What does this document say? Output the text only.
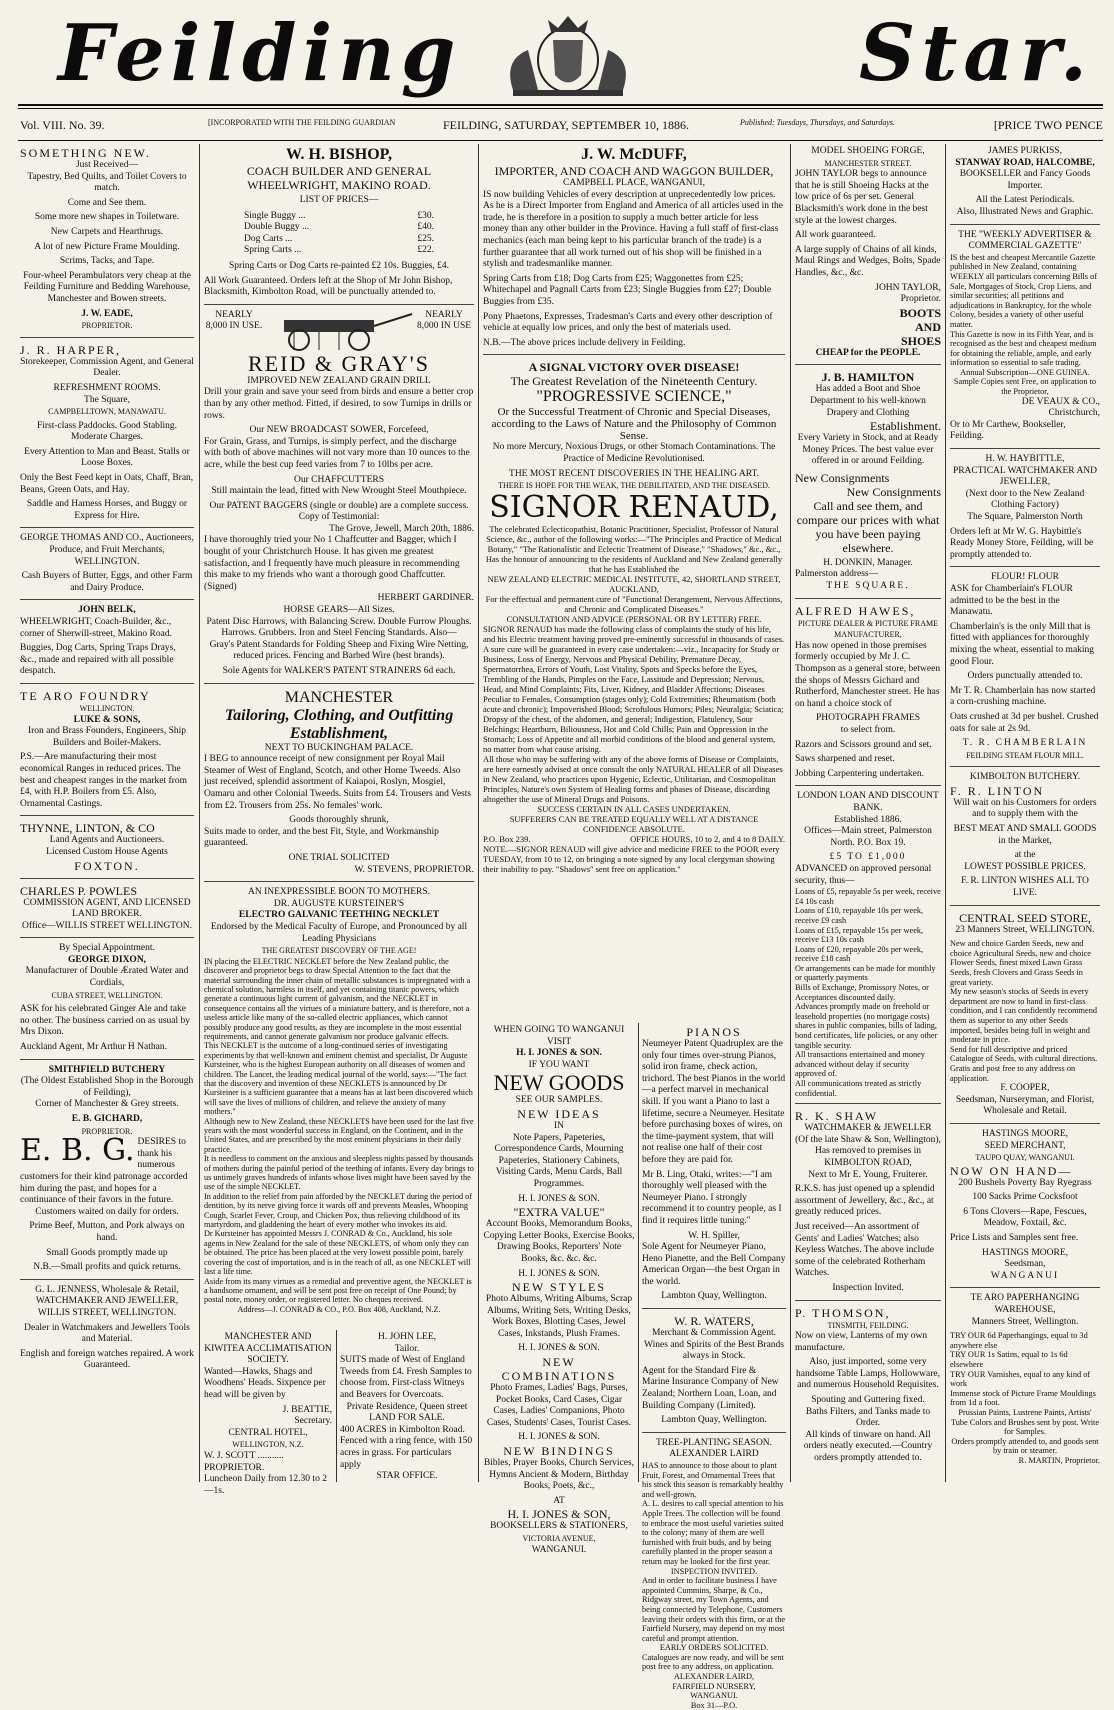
Feilding	Star.
Vol. VIII. No. 39.	[INCORPORATED WITH THE FEILDING GUARDIAN	FEILDING, SATURDAY, SEPTEMBER 10, 1886.	Published: Tuesdays, Thursdays, and Saturdays.	[PRICE TWO PENCE
SOMETHING NEW.
Just Received—
Tapestry, Bed Quilts, and Toilet Covers to match.
Come and See them.
Some more new shapes in Toiletware.
New Carpets and Hearthrugs.
A lot of new Picture Frame Moulding.
Scrims, Tacks, and Tape.
Four-wheel Perambulators very cheap at the Feilding Furniture and Bedding Warehouse, Manchester and Bowen streets.
J. W. EADE,
PROPRIETOR.
J. R. HARPER,
Storekeeper, Commission Agent, and General Dealer.
REFRESHMENT ROOMS.
The Square,
CAMPBELLTOWN, MANAWATU.
First-class Paddocks. Good Stabling. Moderate Charges.
Every Attention to Man and Beast. Stalls or Loose Boxes.
Only the Best Feed kept in Oats, Chaff, Bran, Beans, Green Oats, and Hay.
Saddle and Harness Horses, and Buggy or Express for Hire.
GEORGE THOMAS AND CO., Auctioneers, Produce, and Fruit Merchants, WELLINGTON.
Cash Buyers of Butter, Eggs, and other Farm and Dairy Produce.
JOHN BELK,
WHEELWRIGHT, Coach-Builder, &c., corner of Sherwill-street, Makino Road.
Buggies, Dog Carts, Spring Traps Drays, &c., made and repaired with all possible despatch.
TE ARO FOUNDRY
WELLINGTON.
LUKE & SONS,
Iron and Brass Founders, Engineers, Ship Builders and Boiler-Makers.
P.S.—Are manufacturing their most economical Ranges in reduced prices. The best and cheapest ranges in the market from £4, with H.P. Boilers from £5. Also, Ornamental Castings.
THYNNE, LINTON, & CO
Land Agents and Auctioneers.
Licensed Custom House Agents
FOXTON.
CHARLES P. POWLES
COMMISSION AGENT, AND LICENSED LAND BROKER.
Office—WILLIS STREET WELLINGTON.
By Special Appointment.
GEORGE DIXON,
Manufacturer of Double Ærated Water and Cordials,
CUBA STREET, WELLINGTON.
ASK for his celebrated Ginger Ale and take no other. The business carried on as usual by Mrs Dixon.
Auckland Agent, Mr Arthur H Nathan.
SMITHFIELD BUTCHERY
(The Oldest Established Shop in the Borough of Feilding),
Corner of Manchester & Grey streets.
E. B. GICHARD,
PROPRIETOR.
E. B. G. DESIRES to thank his numerous customers for their kind patronage accorded him during the past, and hopes for a continuance of their favors in the future.
Customers waited on daily for orders.
Prime Beef, Mutton, and Pork always on hand.
Small Goods promptly made up
N.B.—Small profits and quick returns.
G. L. JENNESS, Wholesale & Retail, WATCHMAKER AND JEWELLER, WILLIS STREET, WELLINGTON.
Dealer in Watchmakers and Jewellers Tools and Material.
English and foreign watches repaired. A work Guaranteed.
W. H. BISHOP,
COACH BUILDER AND GENERAL WHEELWRIGHT, MAKINO ROAD.
LIST OF PRICES—
Single Buggy ...	£30.
Double Buggy ...	£40.
Dog Carts ...	£25.
Spring Carts ...	£22.
Spring Carts or Dog Carts re-painted £2 10s. Buggies, £4.
All Work Guaranteed. Orders left at the Shop of Mr John Bishop, Blacksmith, Kimbolton Road, will be punctually attended to.
NEARLY 8,000 IN USE.
NEARLY 8,000 IN USE
REID & GRAY'S
IMPROVED NEW ZEALAND GRAIN DRILL
Drill your grain and save your seed from birds and ensure a better crop than by any other method. Fitted, if desired, to sow Turnips in drills or rows.
Our NEW BROADCAST SOWER, Forcefeed,
For Grain, Grass, and Turnips, is simply perfect, and the discharge with both of above machines will not vary more than 10 ounces to the acre, while the best cup feed varies from 7 to 10lbs per acre.
Our CHAFFCUTTERS
Still maintain the lead, fitted with New Wrought Steel Mouthpiece.
Our PATENT BAGGERS (single or double) are a complete success. Copy of Testimonial:
The Grove, Jewell, March 20th, 1886.
I have thoroughly tried your No 1 Chaffcutter and Bagger, which I bought of your Christchurch House. It has given me greatest satisfaction, and I frequently have much pleasure in recommending this make to my friends who want a thorough good Chaffcutter. (Signed)
HERBERT GARDINER.
HORSE GEARS—All Sizes.
Patent Disc Harrows, with Balancing Screw. Double Furrow Ploughs. Harrows. Grubbers. Iron and Steel Fencing Standards. Also—
Gray's Patent Standards for Folding Sheep and Fixing Wire Netting, reduced prices. Fencing and Barbed Wire (best brands).
Sole Agents for WALKER'S PATENT STRAINERS 6d each.
MANCHESTER
Tailoring, Clothing, and Outfitting Establishment,
NEXT TO BUCKINGHAM PALACE.
I BEG to announce receipt of new consignment per Royal Mail Steamer of West of England, Scotch, and other Home Tweeds. Also just received, splendid assortment of Kaiapoi, Roslyn, Mosgiel, Oamaru and other Colonial Tweeds. Suits from £4. Trousers and Vests from £2. Trousers from 25s. No females' work.
Goods thoroughly shrunk,
Suits made to order, and the best Fit, Style, and Workmanship guaranteed.
ONE TRIAL SOLICITED
W. STEVENS, PROPRIETOR.
AN INEXPRESSIBLE BOON TO MOTHERS.
DR. AUGUSTE KURSTEINER'S
ELECTRO GALVANIC TEETHING NECKLET
Endorsed by the Medical Faculty of Europe, and Pronounced by all Leading Physicians
THE GREATEST DISCOVERY OF THE AGE!

IN placing the ELECTRIC NECKLET before the New Zealand public, the discoverer and proprietor begs to draw Special Attention to the fact that the material surrounding the inner chain of metallic substances is impregnated with a chemical solution, harmless in itself, and yet containing titanic powers, which generate a continuous light current of galvanism, and the NECKLET in consequence contains all the virtues of a miniature battery, and is therefore, not a useless article like many of the so-called electric appliances, which cannot possibly produce any good results, as they are incomplete in the most essential requirements, and cannot generate galvanism nor produce galvanic effects.

This NECKLET is the outcome of a long-continued series of investigating experiments by that well-known and eminent chemist and specialist, Dr Auguste Kursteiner, who is the highest European authority on all diseases of women and children. The Lancet, the leading medical journal of the world, says:—"The fact that the discovery and invention of these NECKLETS is announced by Dr Kursteiner is a sufficient guarantee that a means has at last been discovered which will save the lives of millions of children, and relieve the anxiety of many mothers."

Although new to New Zealand, these NECKLETS have been used for the last five years with the most wonderful success in England, on the Continent, and in the United States, and are prescribed by the most eminent physicians in their daily practice.

It is needless to comment on the anxious and sleepless nights passed by thousands of mothers during the painful period of the teething of infants. Every day brings to us untimely graves hundreds of infants whose lives might have been saved by the use of the simple NECKLET.

In addition to the relief from pain afforded by the NECKLET during the period of dentition, by its nerve giving force it wards off and prevents Measles, Whooping Cough, Scarlet Fever, Croup, and Chicken Pox, thus relieving childhood of its martyrdom, and gladdening the heart of every mother who invokes its aid.

Dr Kursteiner has appointed Messrs J. CONRAD & Co., Auckland, his sole agents in New Zealand for the sale of these NECKLETS, of whom only they can be obtained. The price has been placed at the very lowest possible point, barely covering the cost of importation, and is in the reach of all, as one NECKLET will last a life time.

Aside from its many virtues as a remedial and preventive agent, the NECKLET is a handsome ornament, and will be sent post free on receipt of One Pound; by postal note, money order, or registered letter. No cheques received.

Address—J. CONRAD & CO., P.O. Box 408, Auckland, N.Z.

MANCHESTER AND KIWITEA ACCLIMATISATION SOCIETY.
Wanted—Hawks, Shags and Woodhens' Heads. Sixpence per head will be given by
J. BEATTIE,
Secretary.
CENTRAL HOTEL,
WELLINGTON, N.Z.
W. J. SCOTT ........... PROPRIETOR.
Luncheon Daily from 12.30 to 2—1s.
H. JOHN LEE,
Tailor.
SUITS made of West of England Tweeds from £4. Fresh Samples to choose from. First-class Witneys and Beavers for Overcoats.
Private Residence, Queen street
LAND FOR SALE.
400 ACRES in Kimbolton Road. Fenced with a ring fence, with 150 acres in grass. For particulars apply
STAR OFFICE.
J. W. McDUFF,
IMPORTER, AND COACH AND WAGGON BUILDER,
CAMPBELL PLACE, WANGANUI,
IS now building Vehicles of every description at unprecedentedly low prices. As he is a Direct Importer from England and America of all articles used in the trade, he is therefore in a position to supply a much better article for less money than any other builder in the Province. Having a full staff of first-class mechanics (each man being kept to his particular branch of the trade) is a further guarantee that all work turned out of his shop will be finished in a stylish and tradesmanlike manner.
Spring Carts from £18; Dog Carts from £25; Waggonettes from £25; Whitechapel and Pagnall Carts from £23; Single Buggies from £27; Double Buggies from £35.
Pony Phaetons, Expresses, Tradesman's Carts and every other description of vehicle at equally low prices, and only the best of materials used.
N.B.—The above prices include delivery in Feilding.
A SIGNAL VICTORY OVER DISEASE!
The Greatest Revelation of the Nineteenth Century.
"PROGRESSIVE SCIENCE,"
Or the Successful Treatment of Chronic and Special Diseases, according to the Laws of Nature and the Philosophy of Common Sense.
No more Mercury, Noxious Drugs, or other Stomach Contaminations. The Practice of Medicine Revolutionised.
THE MOST RECENT DISCOVERIES IN THE HEALING ART.
THERE IS HOPE FOR THE WEAK, THE DEBILITATED, AND THE DISEASED.
SIGNOR RENAUD,

The celebrated Eclecticopathist, Botanic Practitioner, Specialist, Professor of Natural Science, &c., author of the following works:—"The Principles and Practice of Medical Botany," "The Rationalistic and Eclectic Treatment of Disease," "Shadows," &c., &c.,

Has the honour of announcing to the residents of Auckland and New Zealand generally that he has Established the

NEW ZEALAND ELECTRIC MEDICAL INSTITUTE, 42, SHORTLAND STREET, AUCKLAND,

For the effectual and permanent cure of "Functional Derangement, Nervous Affections, and Chronic and Complicated Diseases."

CONSULTATION AND ADVICE (PERSONAL OR BY LETTER) FREE.

SIGNOR RENAUD has made the following class of complaints the study of his life, and his Electric treatment having proved pre-eminently successful in thousands of cases. A sure cure will be guaranteed in every case undertaken:—viz., Incapacity for Study or Business, Loss of Energy, Nervous and Physical Debility, Premature Decay, Spermatorrhea, Errors of Youth, Lost Vitality, Spots and Specks before the Eyes, Trembling of the Hands, Pimples on the Face, Lassitude and Depression; Nervous, Head, and Mind Complaints; Fits, Liver, Kidney, and Bladder Affections; Diseases Peculiar to Females, Consumption (stages only); Cold Extremities; Rheumatism (both acute and chronic); Impoverished Blood; Scrofulous Humors; Piles; Neuralgia; Sciatica; Dropsy of the chest, of the abdomen, and general; Indigestion, Flatulency, Sour Belchings; Heartburn, Biliousness, Hot and Cold Chills; Pain and Oppression in the Stomach; Loss of Appetite and all morbid conditions of the blood and general system, no matter from what cause arising.

All those who may be suffering with any of the above forms of Disease or Complaints, are here earnestly advised at once consult the only NATURAL HEALER of all Diseases in New Zealand, who practices upon Hygenic, Eclectic, Utilitarian, and Cosmopolitan Principles, Nature's own System of Healing forms and phases of Disease, discarding altogether the use of Mineral Drugs and Poisons.

SUCCESS CERTAIN IN ALL CASES UNDERTAKEN.

SUFFERERS CAN BE TREATED EQUALLY WELL AT A DISTANCE CONFIDENCE ABSOLUTE.

P.O. Box 239.	OFFICE HOURS, 10 to 2, and 4 to 8 DAILY.

NOTE.—SIGNOR RENAUD will give advice and medicine FREE to the POOR every TUESDAY, from 10 to 12, on bringing a note signed by any local clergyman showing their inability to pay. "Shadows" sent free on application."

WHEN GOING TO WANGANUI VISIT
H. I. JONES & SON.
IF YOU WANT
NEW GOODS
SEE OUR SAMPLES.
NEW IDEAS
IN
Note Papers, Papeteries, Correspondence Cards, Mourning Papeteries, Stationery Cabinets, Visiting Cards, Menu Cards, Ball Programmes.
H. I. JONES & SON.
"EXTRA VALUE"
Account Books, Memorandum Books, Copying Letter Books, Exercise Books, Drawing Books, Reporters' Note Books, &c. &c. &c.
H. I. JONES & SON.
NEW STYLES
Photo Albums, Writing Albums, Scrap Albums, Writing Sets, Writing Desks, Work Boxes, Blotting Cases, Jewel Cases, Inkstands, Plush Frames.
H. I. JONES & SON.
NEW COMBINATIONS
Photo Frames, Ladies' Bags, Purses, Pocket Books, Card Cases, Cigar Cases, Ladies' Companions, Photo Cases, Students' Cases, Tourist Cases.
H. I. JONES & SON.
NEW BINDINGS
Bibles, Prayer Books, Church Services, Hymns Ancient & Modern, Birthday Books, Poets, &c.,
AT
H. I. JONES & SON,
BOOKSELLERS & STATIONERS,
VICTORIA AVENUE,
WANGANUI.
PIANOS
Neumeyer Patent Quadruplex are the only four times over-strung Pianos, solid iron frame, check action, trichord. The best Pianos in the world—a perfect marvel in mechanical skill. If you want a Piano to last a lifetime, secure a Neumeyer. Hesitate before purchasing boxes of wires, on the time-payment system, that will not realise one half of their cost before they are paid for.
Mr B. Ling, Otaki, writes:—"I am thoroughly well pleased with the Neumeyer Piano. I strongly recommend it to country people, as I find it requires little tuning."
W. H. Spiller,
Sole Agent for Neumeyer Piano, Heno Pianette, and the Bell Company American Organ—the best Organ in the world.
Lambton Quay, Wellington.
W. R. WATERS,
Merchant & Commission Agent.
Wines and Spirits of the Best Brands always in Stock.
Agent for the Standard Fire & Marine Insurance Company of New Zealand; Northern Loan, Loan, and Building Company (Limited).
Lambton Quay, Wellington.
TREE-PLANTING SEASON.
ALEXANDER LAIRD

HAS to announce to those about to plant Fruit, Forest, and Ornamental Trees that his stock this season is remarkably healthy and well-grown.

A. L. desires to call special attention to his Apple Trees. The collection will be found to embrace the most useful varieties suited to the colony; many of them are well furnished with fruit buds, and by being carefully planted in the proper season a return may be looked for the first year.

INSPECTION INVITED.

And in order to facilitate business I have appointed Cummins, Sharpe, & Co., Ridgway street, my Town Agents, and being connected by Telephone, Customers leaving their orders with this firm, or at the Fairfield Nursery, may depend on my most careful and prompt attention.

EARLY ORDERS SOLICITED.

Catalogues are now ready, and will be sent post free to any address, on application.

ALEXANDER LAIRD,

FAIRFIELD NURSERY,

WANGANUI.

Box 31—P.O.

MODEL SHOEING FORGE,
MANCHESTER STREET.
JOHN TAYLOR begs to announce that he is still Shoeing Hacks at the low price of 6s per set. General Blacksmith's work done in the best style at the lowest charges.
All work guaranteed.
A large supply of Chains of all kinds, Maul Rings and Wedges, Bolts, Spade Handles, &c., &c.
JOHN TAYLOR,
Proprietor.
BOOTS
AND
SHOES
CHEAP for the PEOPLE.
J. B. HAMILTON
Has added a Boot and Shoe Department to his well-known Drapery and Clothing
Establishment.
Every Variety in Stock, and at Ready Money Prices. The best value ever offered in or around Feilding.
New Consignments
New Consignments
Call and see them, and compare our prices with what you have been paying elsewhere.
H. DONKIN, Manager.
Palmerston address—
THE SQUARE.
ALFRED HAWES,
PICTURE DEALER & PICTURE FRAME MANUFACTURER,
Has now opened in those premises formerly occupied by Mr J. C. Thompson as a general store, between the shops of Messrs Gichard and Rutherford, Manchester street. He has on hand a choice stock of
PHOTOGRAPH FRAMES
to select from.
Razors and Scissors ground and set.
Saws sharpened and reset.
Jobbing Carpentering undertaken.
LONDON LOAN AND DISCOUNT BANK.
Established 1886.
Offices—Main street, Palmerston North. P.O. Box 19.
£5 TO £1,000
ADVANCED on approved personal security, thus—

Loans of £5, repayable 5s per week, receive £4 10s cash

Loans of £10, repayable 10s per week, receive £9 cash

Loans of £15, repayable 15s per week, receive £13 10s cash

Loans of £20, repayable 20s per week, receive £18 cash

Or arrangements can be made for monthly or quarterly payments

Bills of Exchange, Promissory Notes, or Acceptances discounted daily.

Advances promptly made on freehold or leasehold properties (no mortgage costs) shares in public companies, bills of lading, bond certificates, life policies, or any other tangible security.

All transactions entertained and money advanced without delay if security approved of.

All communications treated as strictly confidential.

R. K. SHAW
WATCHMAKER & JEWELLER
(Of the late Shaw & Son, Wellington),
Has removed to premises in KIMBOLTON ROAD,
Next to Mr E. Young, Fruiterer.
R.K.S. has just opened up a splendid assortment of Jewellery, &c., &c., at greatly reduced prices.
Just received—An assortment of Gents' and Ladies' Watches; also Keyless Watches. The above include some of the celebrated Rotherham Watches.
Inspection Invited.
P. THOMSON,
TINSMITH, FEILDING.
Now on view, Lanterns of my own manufacture.
Also, just imported, some very handsome Table Lamps, Hollowware, and numerous Household Requisites.
Spouting and Guttering fixed.
Baths Filters, and Tanks made to Order.
All kinds of tinware on hand. All orders neatly executed.—Country orders promptly attended to.
JAMES PURKISS,
STANWAY ROAD, HALCOMBE,
BOOKSELLER and Fancy Goods Importer.
All the Latest Periodicals.
Also, Illustrated News and Graphic.
THE "WEEKLY ADVERTISER & COMMERCIAL GAZETTE"

IS the best and cheapest Mercantile Gazette published in New Zealand, containing WEEKLY all particulars concerning Bills of Sale, Mortgages of Stock, Crop Liens, and similar securities; all petitions and adjudications in Bankruptcy, for the whole Colony, besides a variety of other useful matter.

This Gazette is now in its Fifth Year, and is recognised as the best and cheapest medium for obtaining the reliable, ample, and early information so essential to safe trading.

Annual Subscription—ONE GUINEA. Sample Copies sent Free, on application to the Proprietor,

DE VEAUX & CO.,
Christchurch,
Or to Mr Carthew, Bookseller, Feilding.
H. W. HAYBITTLE,
PRACTICAL WATCHMAKER AND JEWELLER,
(Next door to the New Zealand Clothing Factory)
The Square, Palmerston North
Orders left at Mr W. G. Haybittle's Ready Money Store, Feilding, will be promptly attended to.
FLOUR! FLOUR
ASK for Chamberlain's FLOUR admitted to be the best in the Manawatu.
Chamberlain's is the only Mill that is fitted with appliances for thoroughly mixing the wheat, essential to making good Flour.
Orders punctually attended to.
Mr T. R. Chamberlain has now started a corn-crushing machine.
Oats crushed at 3d per bushel. Crushed oats for sale at 2s 9d.
T. R. CHAMBERLAIN
FEILDING STEAM FLOUR MILL.
KIMBOLTON BUTCHERY.
F. R. LINTON
Will wait on his Customers for orders and to supply them with the
BEST MEAT AND SMALL GOODS in the Market,
at the
LOWEST POSSIBLE PRICES.
F. R. LINTON WISHES ALL TO LIVE.
CENTRAL SEED STORE,
23 Manners Street, WELLINGTON.

New and choice Garden Seeds, new and choice Agricultural Seeds, new and choice Flower Seeds, finest mixed Lawn Grass Seeds, fresh Clovers and Grass Seeds in great variety.

My new season's stocks of Seeds in every department are now to hand in first-class condition, and I can confidently recommend them as superior to any other Seeds imported, besides being full in weight and moderate in price.

Send for full descriptive and priced Catalogue of Seeds, with cultural directions. Gratis and post free to any address on application.

F. COOPER,
Seedsman, Nurseryman, and Florist, Wholesale and Retail.
HASTINGS MOORE,
SEED MERCHANT,
TAUPO QUAY, WANGANUI.
NOW ON HAND—
200 Bushels Poverty Bay Ryegrass
100 Sacks Prime Cocksfoot
6 Tons Clovers—Rape, Fescues, Meadow, Foxtail, &c.
Price Lists and Samples sent free.
HASTINGS MOORE,
Seedsman,
WANGANUI
TE ARO PAPERHANGING WAREHOUSE,
Manners Street, Wellington.

TRY OUR 6d Paperhangings, equal to 3d anywhere else

TRY OUR 1s Satins, equal to 1s 6d elsewhere

TRY OUR Varnishes, equal to any kind of work

Immense stock of Picture Frame Mouldings from 1d a foot.

Prussian Paints, Lustrene Paints, Artists' Tube Colors and Brushes sent by post. Write for Samples.

Orders promptly attended to, and goods sent by train or steamer.

R. MARTIN, Proprietor.
